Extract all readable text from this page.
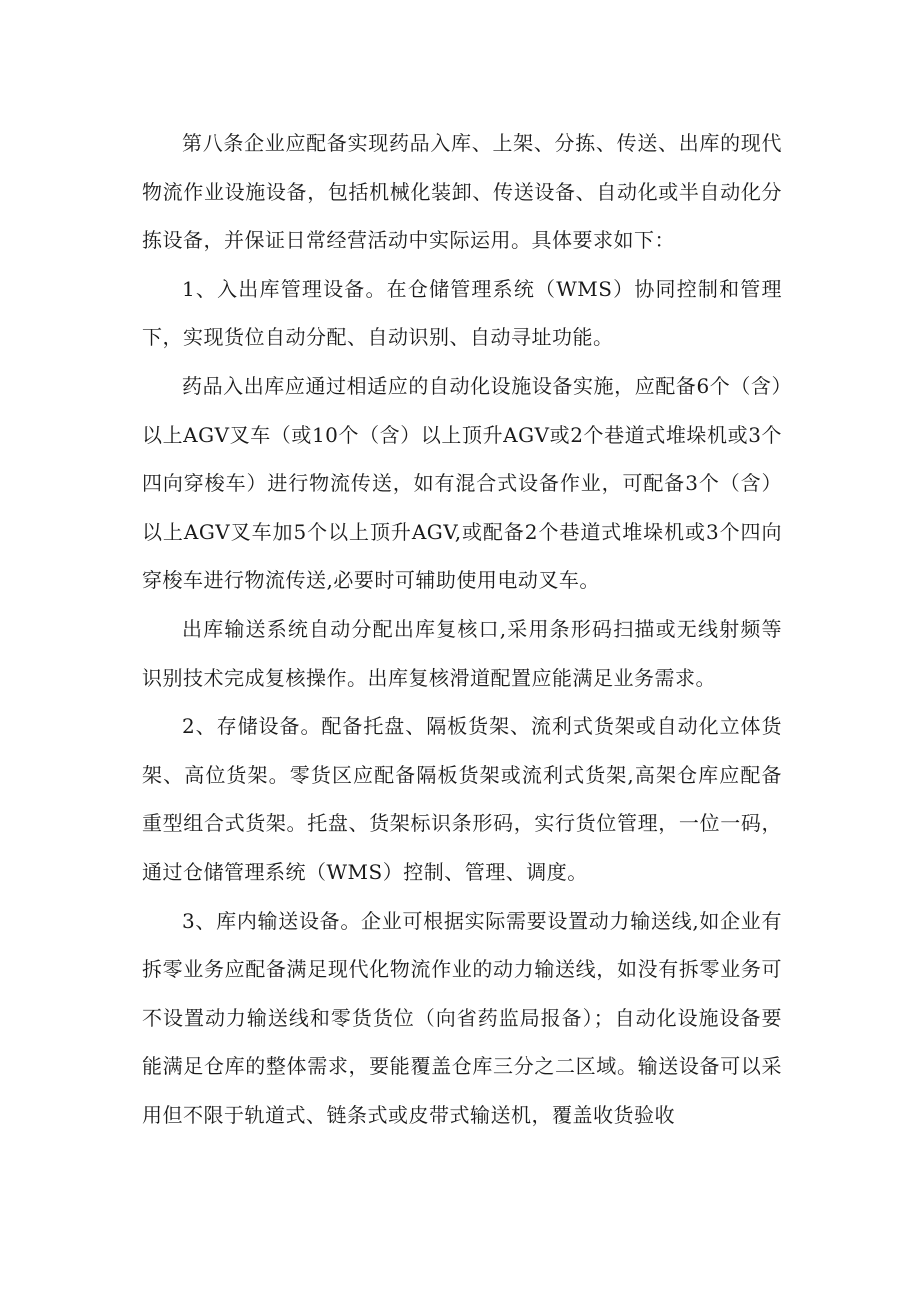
第八条企业应配备实现药品入库、上架、分拣、传送、出库的现代物流作业设施设备，包括机械化装卸、传送设备、自动化或半自动化分拣设备，并保证日常经营活动中实际运用。具体要求如下：

1、入出库管理设备。在仓储管理系统（WMS）协同控制和管理下，实现货位自动分配、自动识别、自动寻址功能。

药品入出库应通过相适应的自动化设施设备实施，应配备6个（含）以上AGV叉车（或10个（含）以上顶升AGV或2个巷道式堆垛机或3个四向穿梭车）进行物流传送，如有混合式设备作业，可配备3个（含）以上AGV叉车加5个以上顶升AGV,或配备2个巷道式堆垛机或3个四向穿梭车进行物流传送,必要时可辅助使用电动叉车。

出库输送系统自动分配出库复核口,采用条形码扫描或无线射频等识别技术完成复核操作。出库复核滑道配置应能满足业务需求。

2、存储设备。配备托盘、隔板货架、流利式货架或自动化立体货架、高位货架。零货区应配备隔板货架或流利式货架,高架仓库应配备重型组合式货架。托盘、货架标识条形码，实行货位管理，一位一码，通过仓储管理系统（WMS）控制、管理、调度。

3、库内输送设备。企业可根据实际需要设置动力输送线,如企业有拆零业务应配备满足现代化物流作业的动力输送线，如没有拆零业务可不设置动力输送线和零货货位（向省药监局报备）；自动化设施设备要能满足仓库的整体需求，要能覆盖仓库三分之二区域。输送设备可以采用但不限于轨道式、链条式或皮带式输送机，覆盖收货验收
